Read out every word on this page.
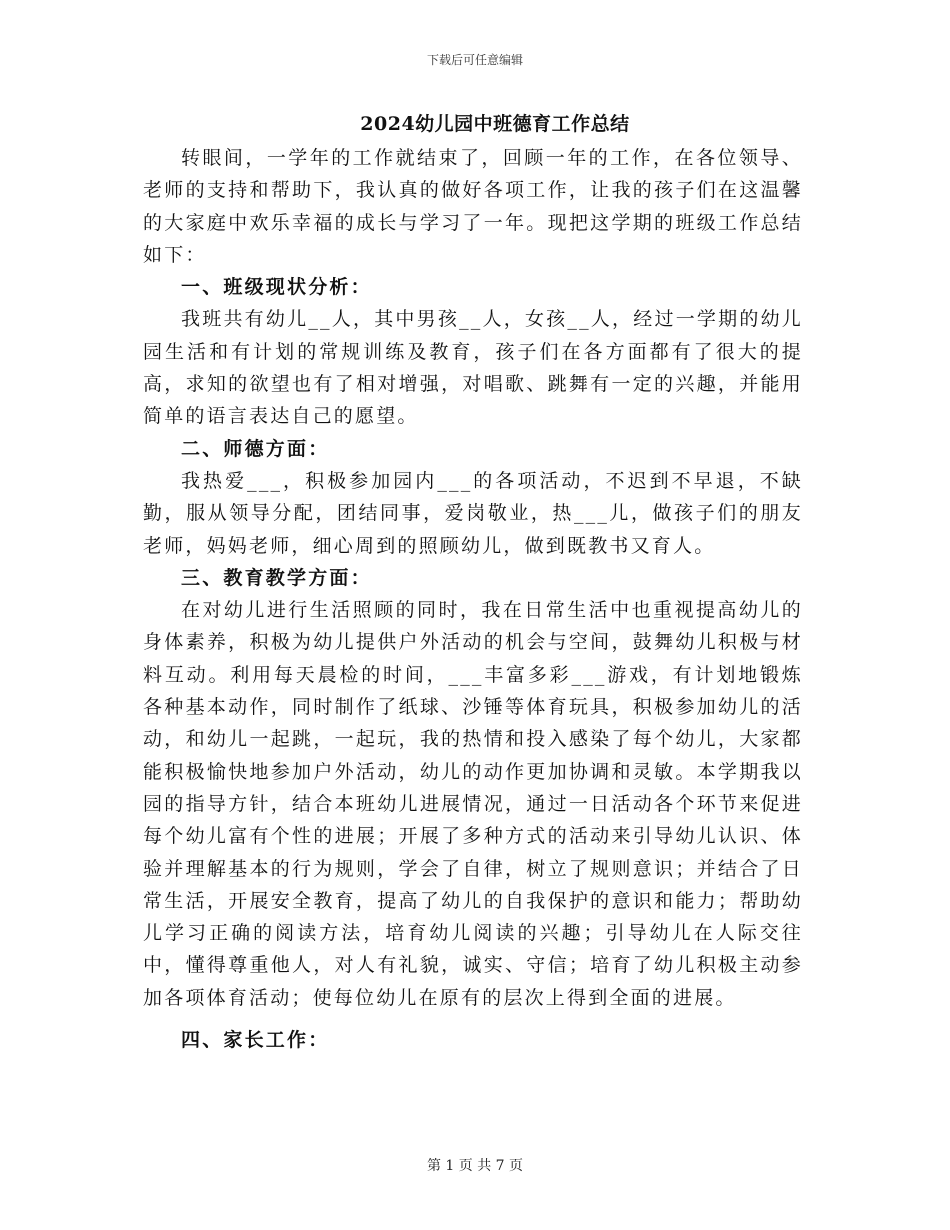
下载后可任意编辑
2024幼儿园中班德育工作总结

转眼间，一学年的工作就结束了，回顾一年的工作，在各位领导、老师的支持和帮助下，我认真的做好各项工作，让我的孩子们在这温馨的大家庭中欢乐幸福的成长与学习了一年。现把这学期的班级工作总结如下：

一、班级现状分析：

我班共有幼儿__人，其中男孩__人，女孩__人，经过一学期的幼儿园生活和有计划的常规训练及教育，孩子们在各方面都有了很大的提高，求知的欲望也有了相对增强，对唱歌、跳舞有一定的兴趣，并能用简单的语言表达自己的愿望。

二、师德方面：

我热爱___，积极参加园内___的各项活动，不迟到不早退，不缺勤，服从领导分配，团结同事，爱岗敬业，热___儿，做孩子们的朋友老师，妈妈老师，细心周到的照顾幼儿，做到既教书又育人。

三、教育教学方面：

在对幼儿进行生活照顾的同时，我在日常生活中也重视提高幼儿的身体素养，积极为幼儿提供户外活动的机会与空间，鼓舞幼儿积极与材料互动。利用每天晨检的时间，___丰富多彩___游戏，有计划地锻炼各种基本动作，同时制作了纸球、沙锤等体育玩具，积极参加幼儿的活动，和幼儿一起跳，一起玩，我的热情和投入感染了每个幼儿，大家都能积极愉快地参加户外活动，幼儿的动作更加协调和灵敏。本学期我以园的指导方针，结合本班幼儿进展情况，通过一日活动各个环节来促进每个幼儿富有个性的进展；开展了多种方式的活动来引导幼儿认识、体验并理解基本的行为规则，学会了自律，树立了规则意识；并结合了日常生活，开展安全教育，提高了幼儿的自我保护的意识和能力；帮助幼儿学习正确的阅读方法，培育幼儿阅读的兴趣；引导幼儿在人际交往中，懂得尊重他人，对人有礼貌，诚实、守信；培育了幼儿积极主动参加各项体育活动；使每位幼儿在原有的层次上得到全面的进展。

四、家长工作：

第 1 页 共 7 页
